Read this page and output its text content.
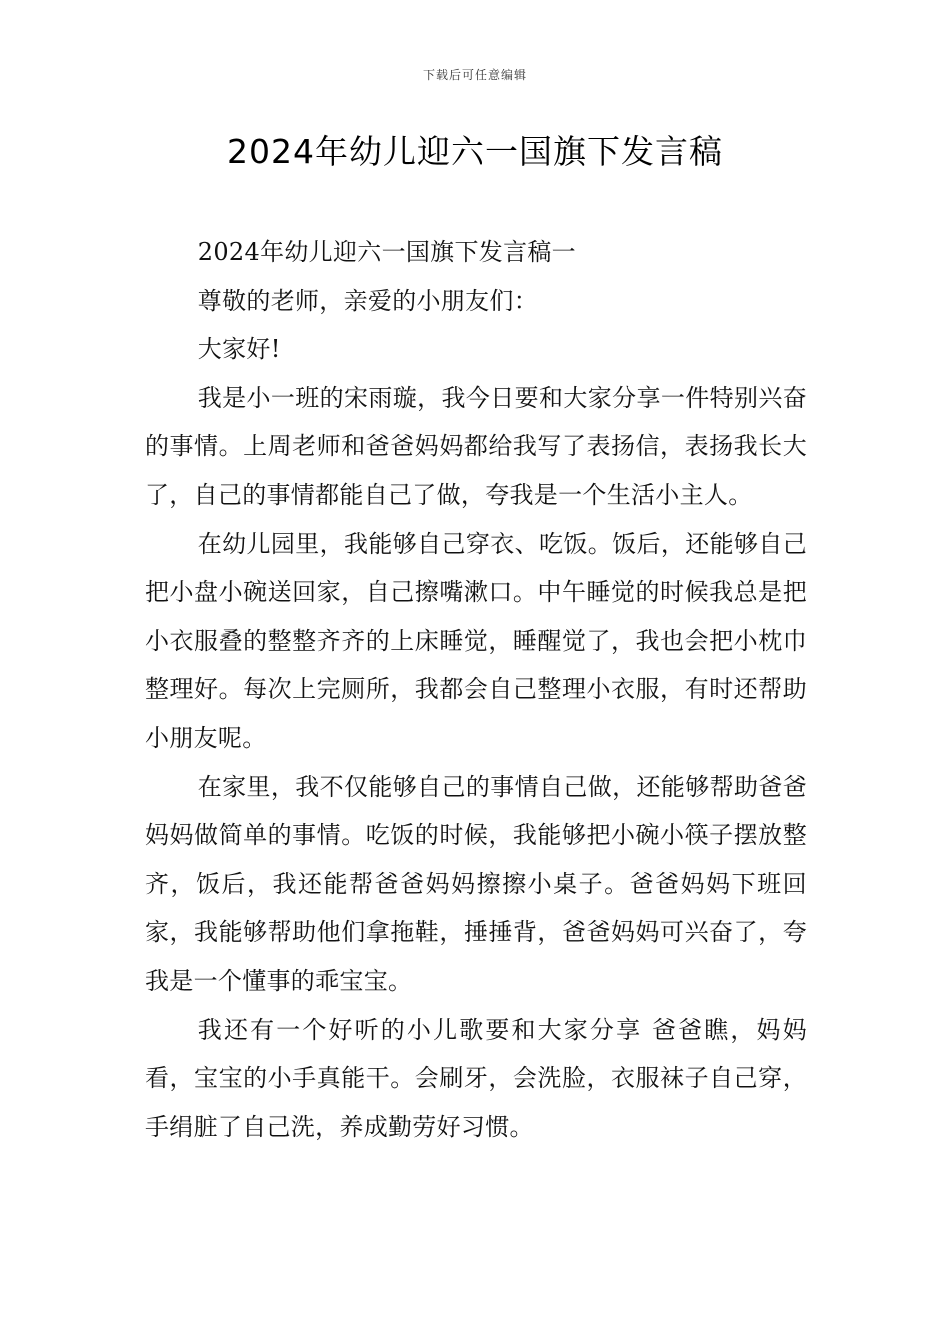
下载后可任意编辑
2024年幼儿迎六一国旗下发言稿

2024年幼儿迎六一国旗下发言稿一

尊敬的老师，亲爱的小朋友们：

大家好!

我是小一班的宋雨璇，我今日要和大家分享一件特别兴奋的事情。上周老师和爸爸妈妈都给我写了表扬信，表扬我长大了，自己的事情都能自己了做，夸我是一个生活小主人。

在幼儿园里，我能够自己穿衣、吃饭。饭后，还能够自己把小盘小碗送回家，自己擦嘴漱口。中午睡觉的时候我总是把小衣服叠的整整齐齐的上床睡觉，睡醒觉了，我也会把小枕巾整理好。每次上完厕所，我都会自己整理小衣服，有时还帮助小朋友呢。

在家里，我不仅能够自己的事情自己做，还能够帮助爸爸妈妈做简单的事情。吃饭的时候，我能够把小碗小筷子摆放整齐，饭后，我还能帮爸爸妈妈擦擦小桌子。爸爸妈妈下班回家，我能够帮助他们拿拖鞋，捶捶背，爸爸妈妈可兴奋了，夸我是一个懂事的乖宝宝。

我还有一个好听的小儿歌要和大家分享 爸爸瞧，妈妈看，宝宝的小手真能干。会刷牙，会洗脸，衣服袜子自己穿，手绢脏了自己洗，养成勤劳好习惯。
